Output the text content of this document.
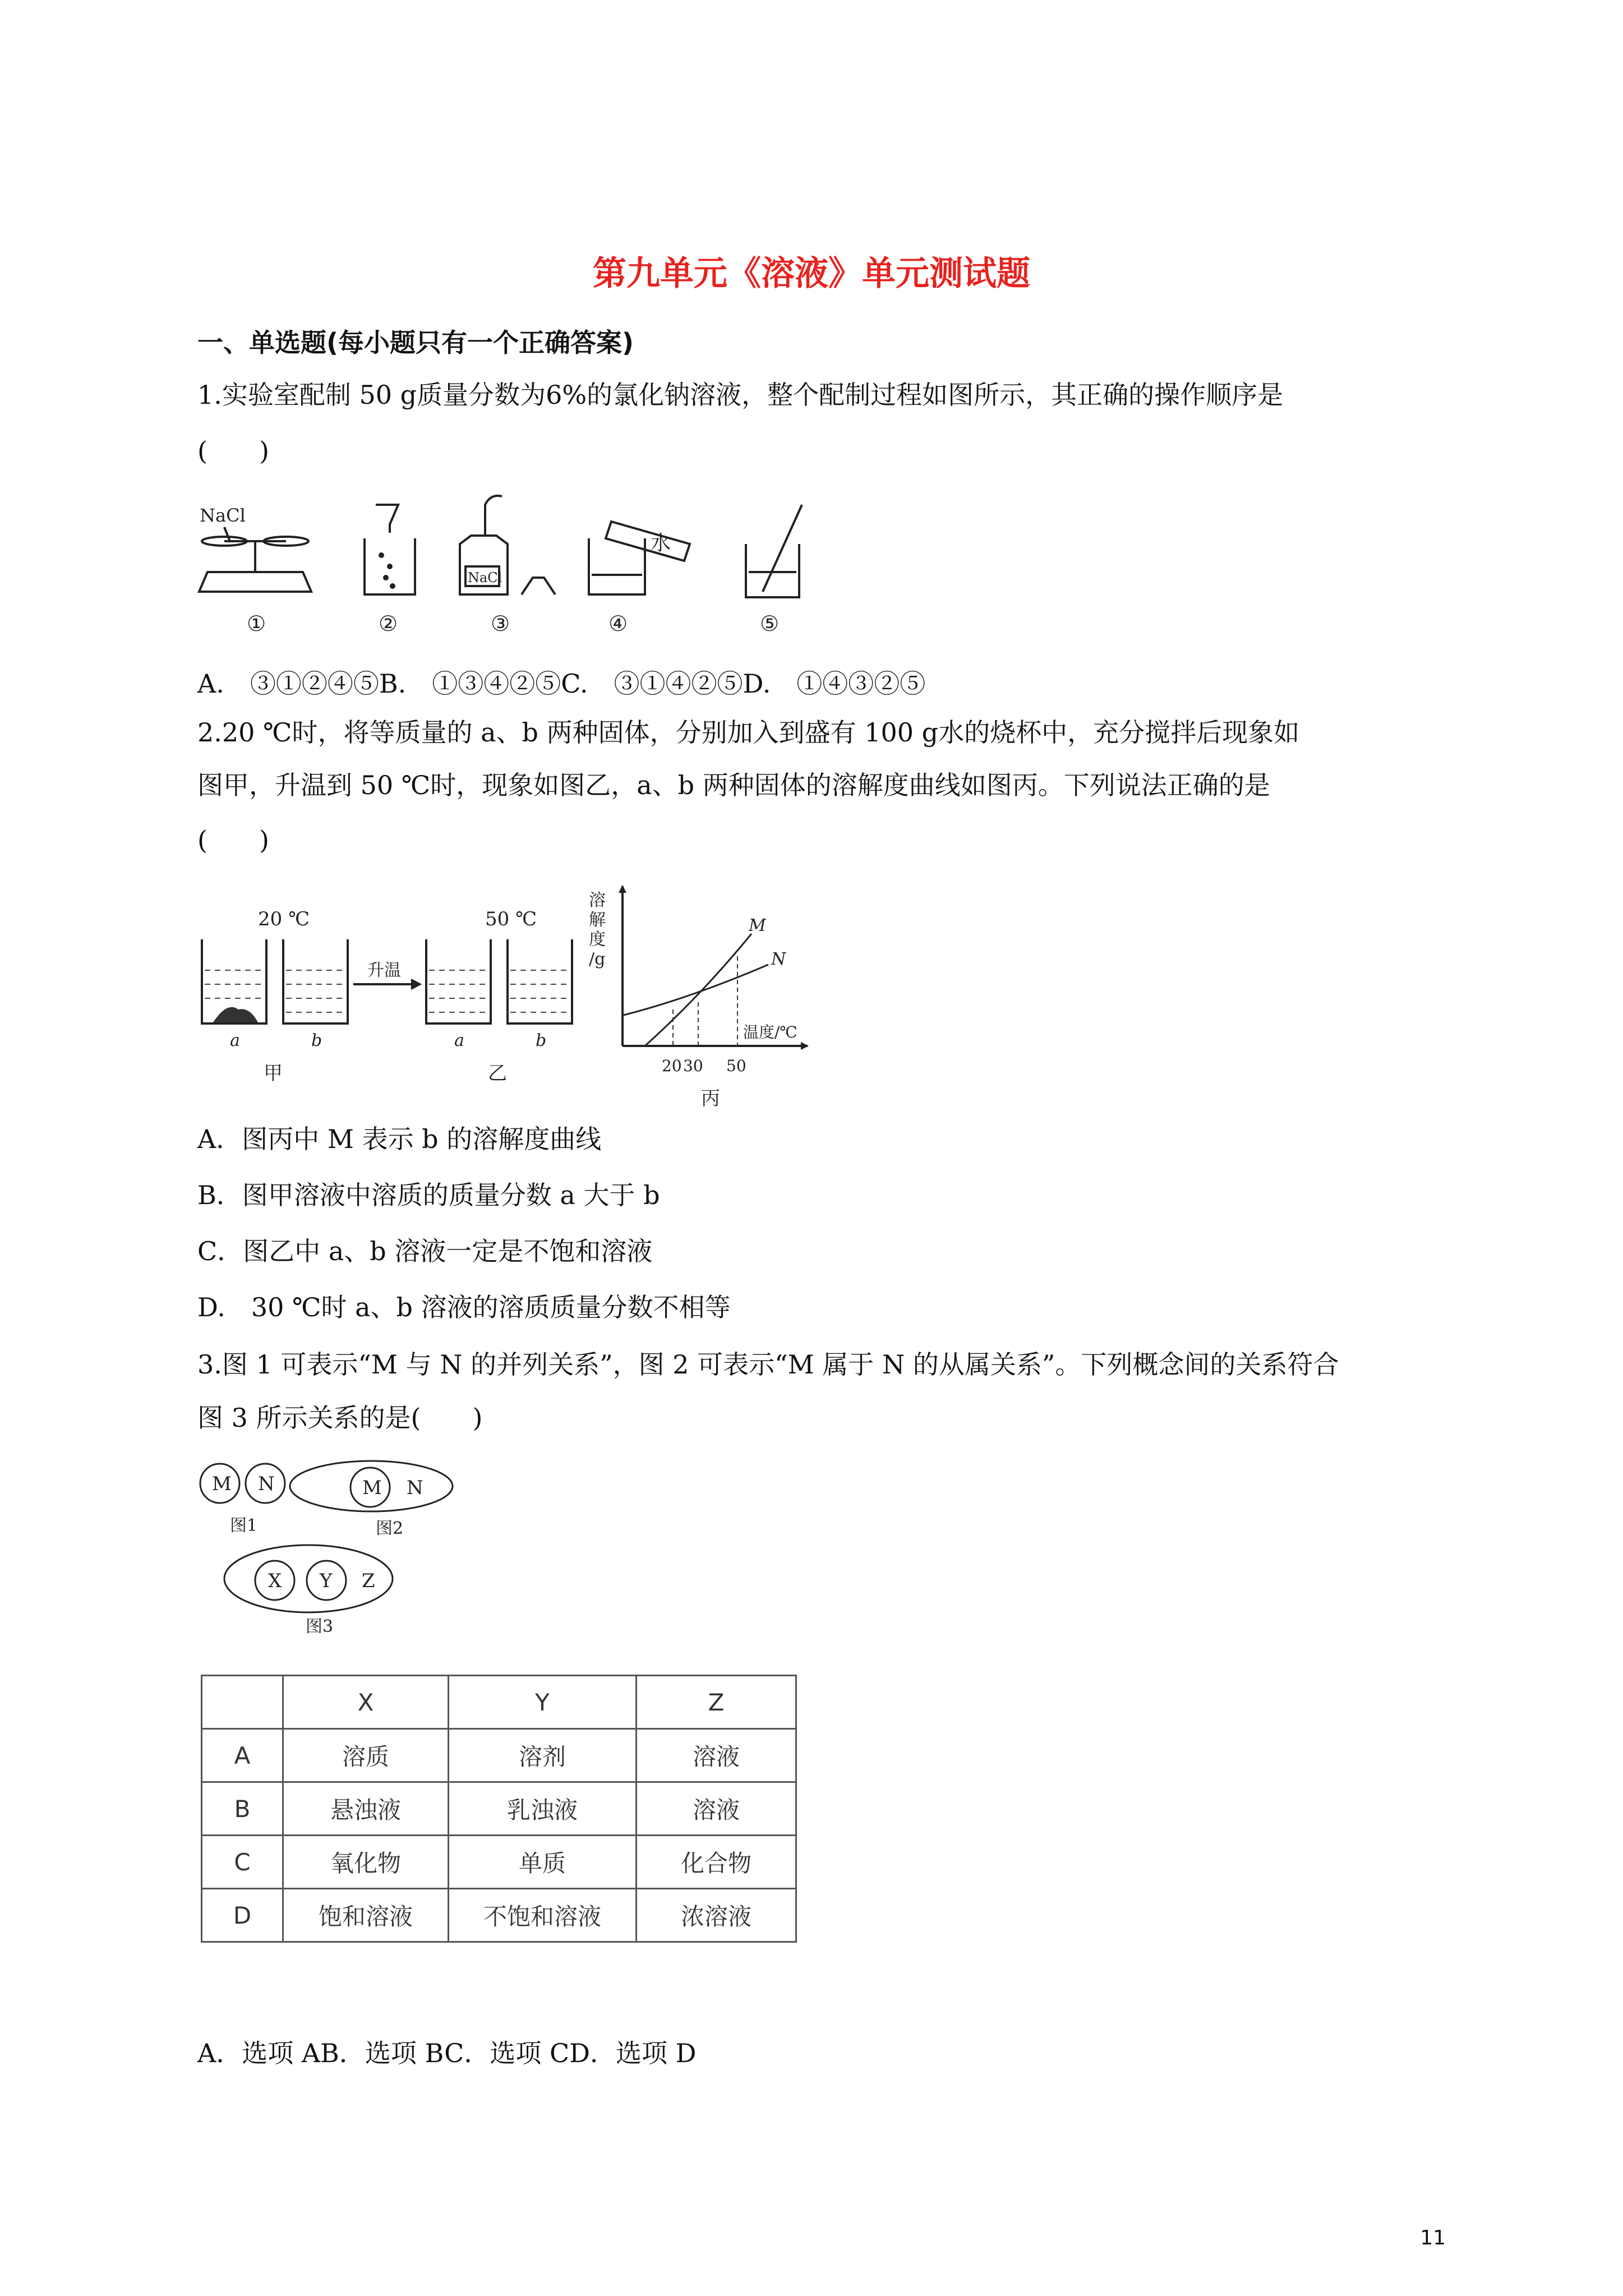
第九单元《溶液》单元测试题
一、单选题(每小题只有一个正确答案)
1.实验室配制 50 g质量分数为6%的氯化钠溶液，整个配制过程如图所示，其正确的操作顺序是
(　　)
NaCl
NaCl
水
①	②	③	④	⑤
A.　③①②④⑤B.　①③④②⑤C.　③①④②⑤D.　①④③②⑤
2.20 ℃时，将等质量的 a、b 两种固体，分别加入到盛有 100 g水的烧杯中，充分搅拌后现象如
图甲，升温到 50 ℃时，现象如图乙，a、b 两种固体的溶解度曲线如图丙。下列说法正确的是
(　　)
20 ℃	50 ℃
升温
a	b	a	b
甲	乙
丙
溶
解
度
/g
温度/℃
20 30 50
M
N
A．图丙中 M 表示 b 的溶解度曲线
B．图甲溶液中溶质的质量分数 a 大于 b
C．图乙中 a、b 溶液一定是不饱和溶液
D.　30 ℃时 a、b 溶液的溶质质量分数不相等
3.图 1 可表示“M 与 N 的并列关系”，图 2 可表示“M 属于 N 的从属关系”。下列概念间的关系符合
图 3 所示关系的是(　　)
M N	M N
X Y Z
图1	图2
图3
	X	Y	Z
A	溶质	溶剂	溶液
B	悬浊液	乳浊液	溶液
C	氧化物	单质	化合物
D	饱和溶液	不饱和溶液	浓溶液
A．选项 AB．选项 BC．选项 CD．选项 D
11
